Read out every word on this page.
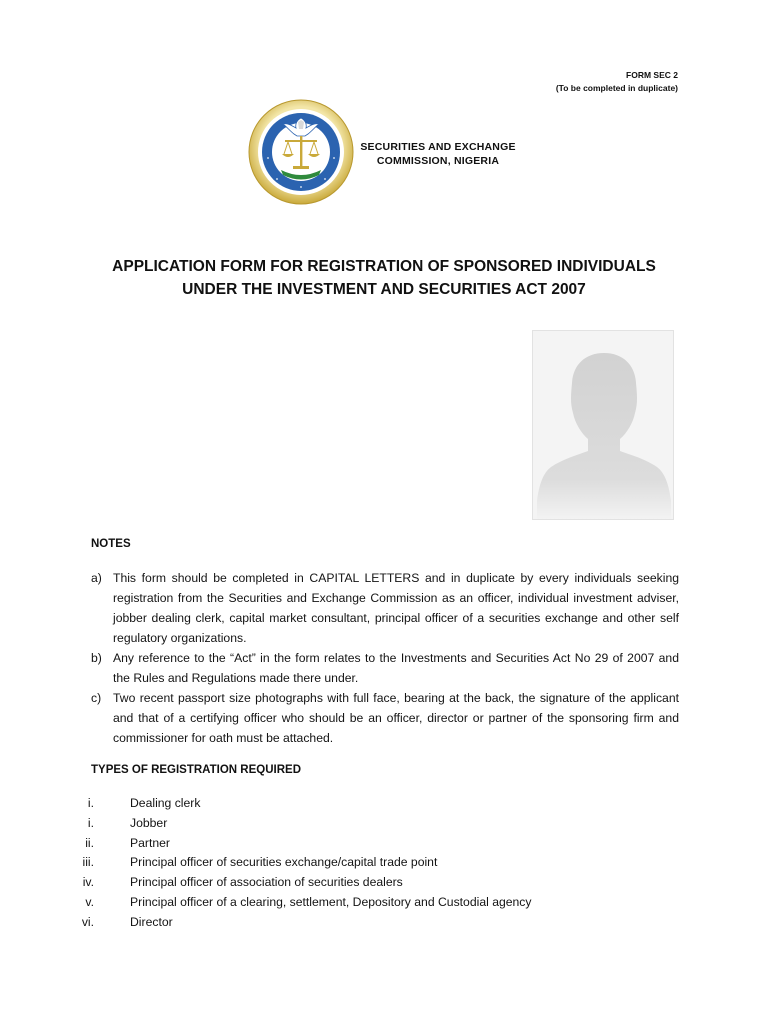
FORM SEC 2
(To be completed in duplicate)
SECURITIES AND EXCHANGE
COMMISSION, NIGERIA
APPLICATION FORM FOR REGISTRATION OF SPONSORED INDIVIDUALS
UNDER THE INVESTMENT AND SECURITIES ACT 2007
NOTES
a) This form should be completed in CAPITAL LETTERS and in duplicate by every individuals seeking registration from the Securities and Exchange Commission as an officer, individual investment adviser, jobber dealing clerk, capital market consultant, principal officer of a securities exchange and other self regulatory organizations.
b) Any reference to the “Act” in the form relates to the Investments and Securities Act No 29 of 2007 and the Rules and Regulations made there under.
c) Two recent passport size photographs with full face, bearing at the back, the signature of the applicant and that of a certifying officer who should be an officer, director or partner of the sponsoring firm and commissioner for oath must be attached.
TYPES OF REGISTRATION REQUIRED
i.	Dealing clerk
i.	Jobber
ii.	Partner
iii.	Principal officer of securities exchange/capital trade point
iv.	Principal officer of association of securities dealers
v.	Principal officer of a clearing, settlement, Depository and Custodial agency
vi.	Director
